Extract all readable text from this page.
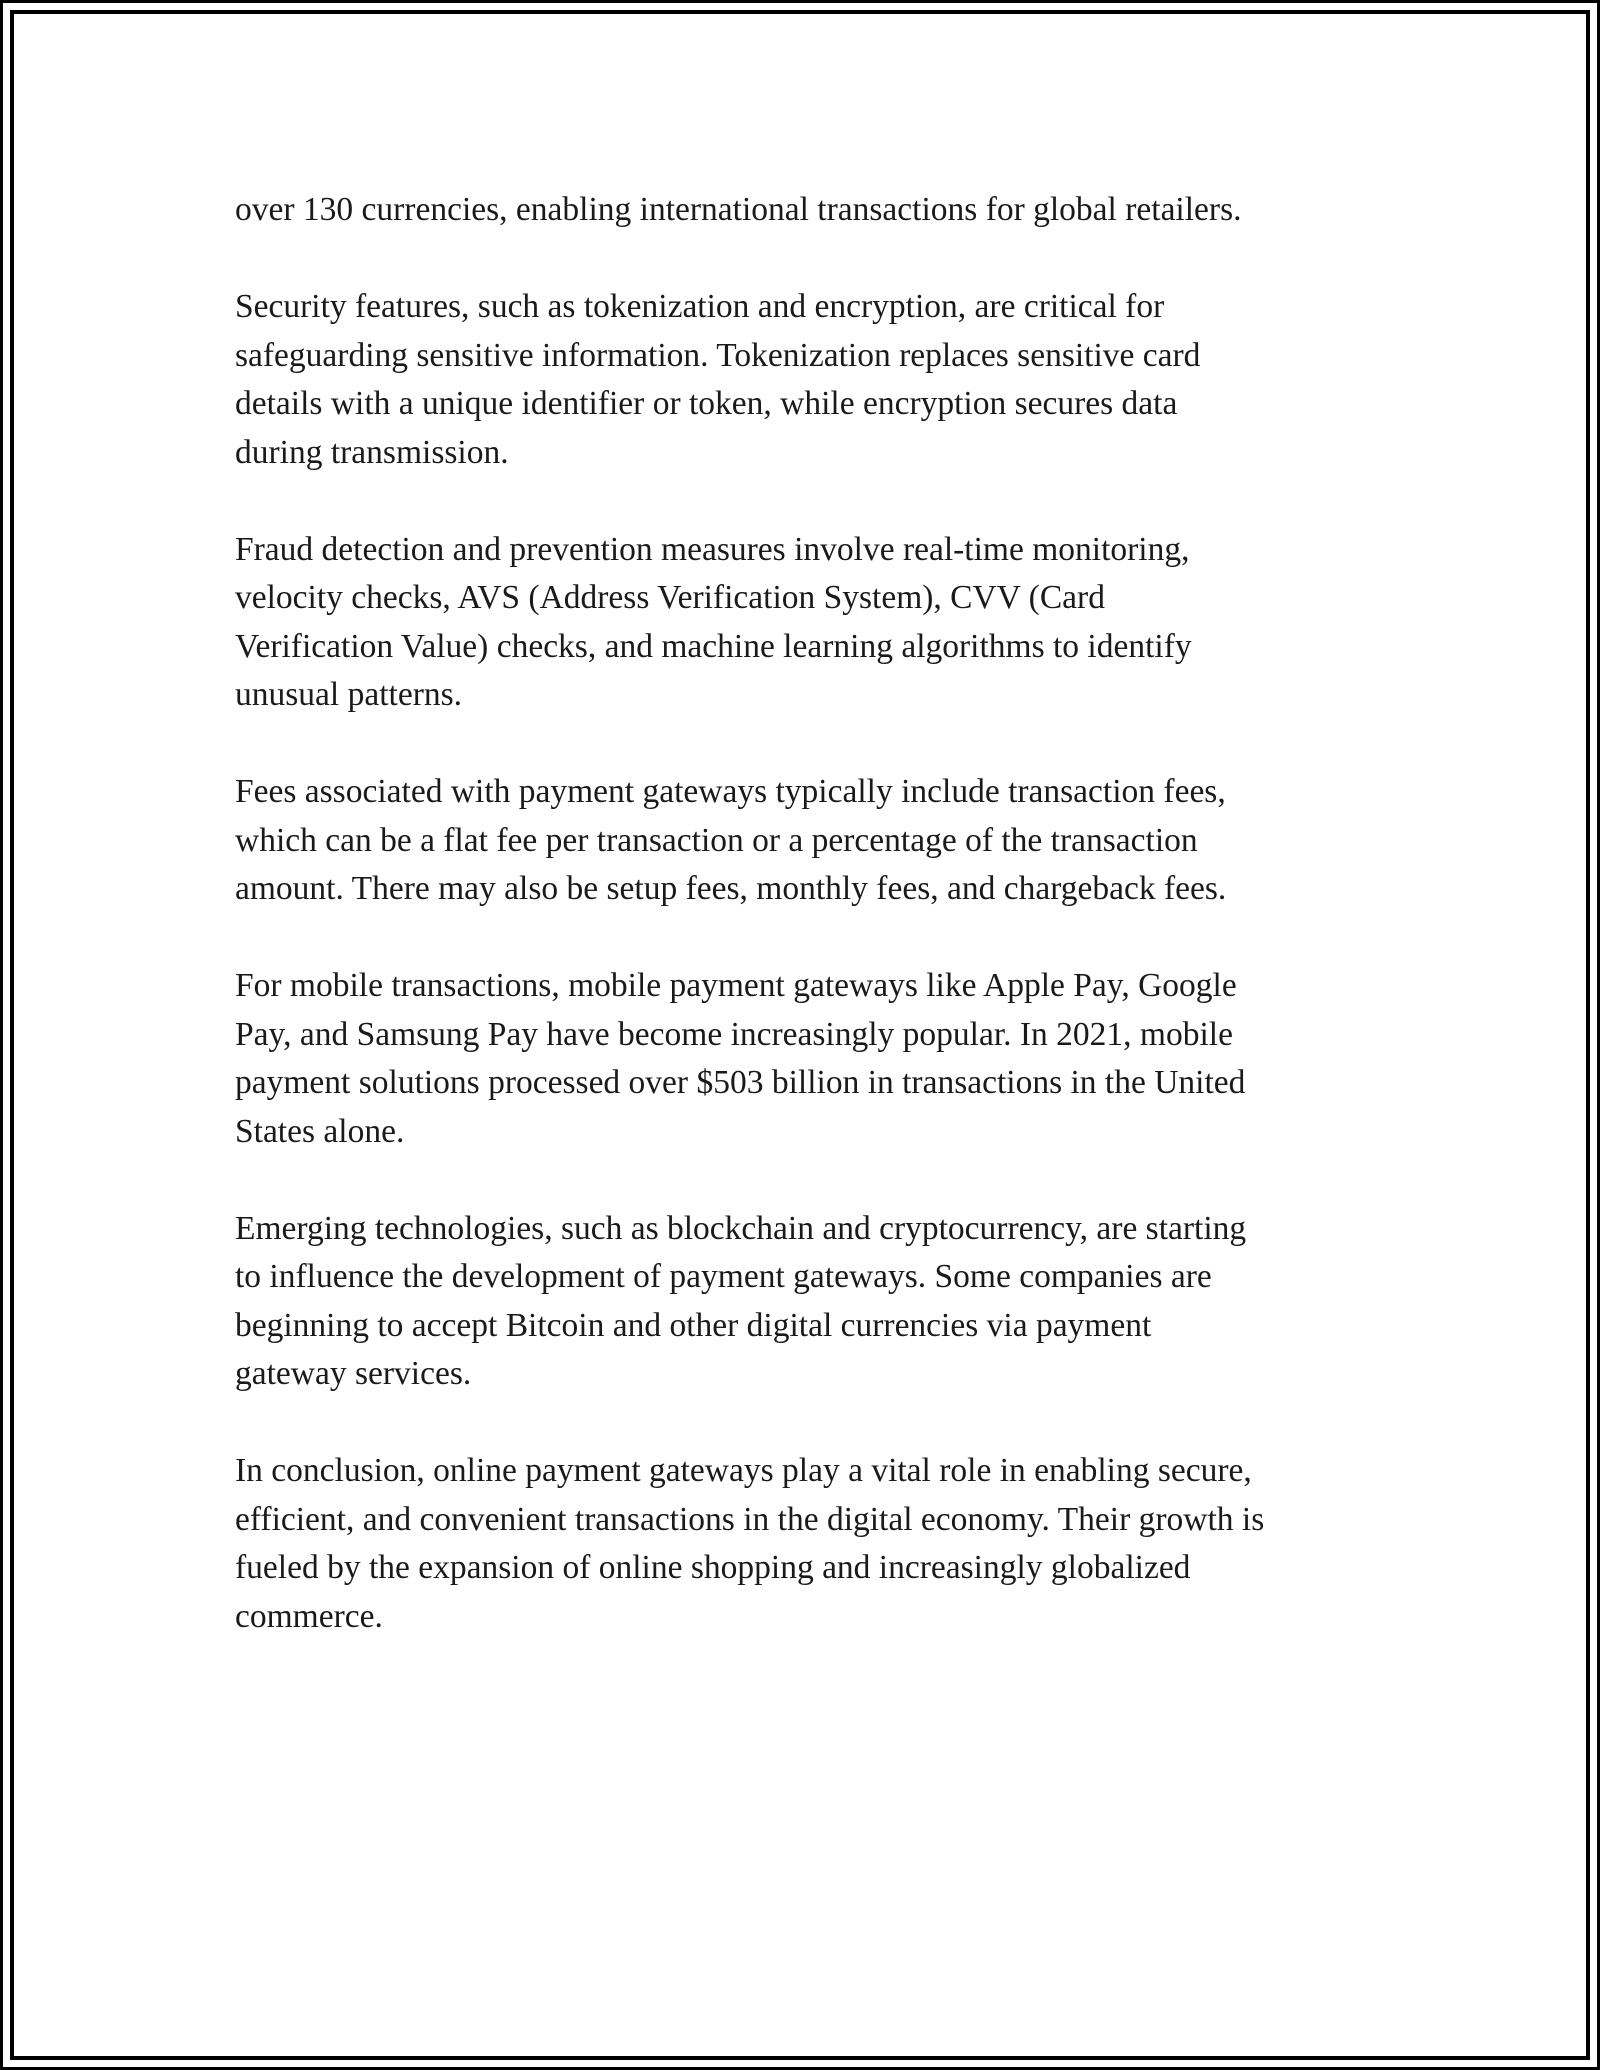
over 130 currencies, enabling international transactions for global retailers.

Security features, such as tokenization and encryption, are critical for
safeguarding sensitive information. Tokenization replaces sensitive card
details with a unique identifier or token, while encryption secures data
during transmission.

Fraud detection and prevention measures involve real-time monitoring,
velocity checks, AVS (Address Verification System), CVV (Card
Verification Value) checks, and machine learning algorithms to identify
unusual patterns.

Fees associated with payment gateways typically include transaction fees,
which can be a flat fee per transaction or a percentage of the transaction
amount. There may also be setup fees, monthly fees, and chargeback fees.

For mobile transactions, mobile payment gateways like Apple Pay, Google
Pay, and Samsung Pay have become increasingly popular. In 2021, mobile
payment solutions processed over $503 billion in transactions in the United
States alone.

Emerging technologies, such as blockchain and cryptocurrency, are starting
to influence the development of payment gateways. Some companies are
beginning to accept Bitcoin and other digital currencies via payment
gateway services.

In conclusion, online payment gateways play a vital role in enabling secure,
efficient, and convenient transactions in the digital economy. Their growth is
fueled by the expansion of online shopping and increasingly globalized
commerce.
